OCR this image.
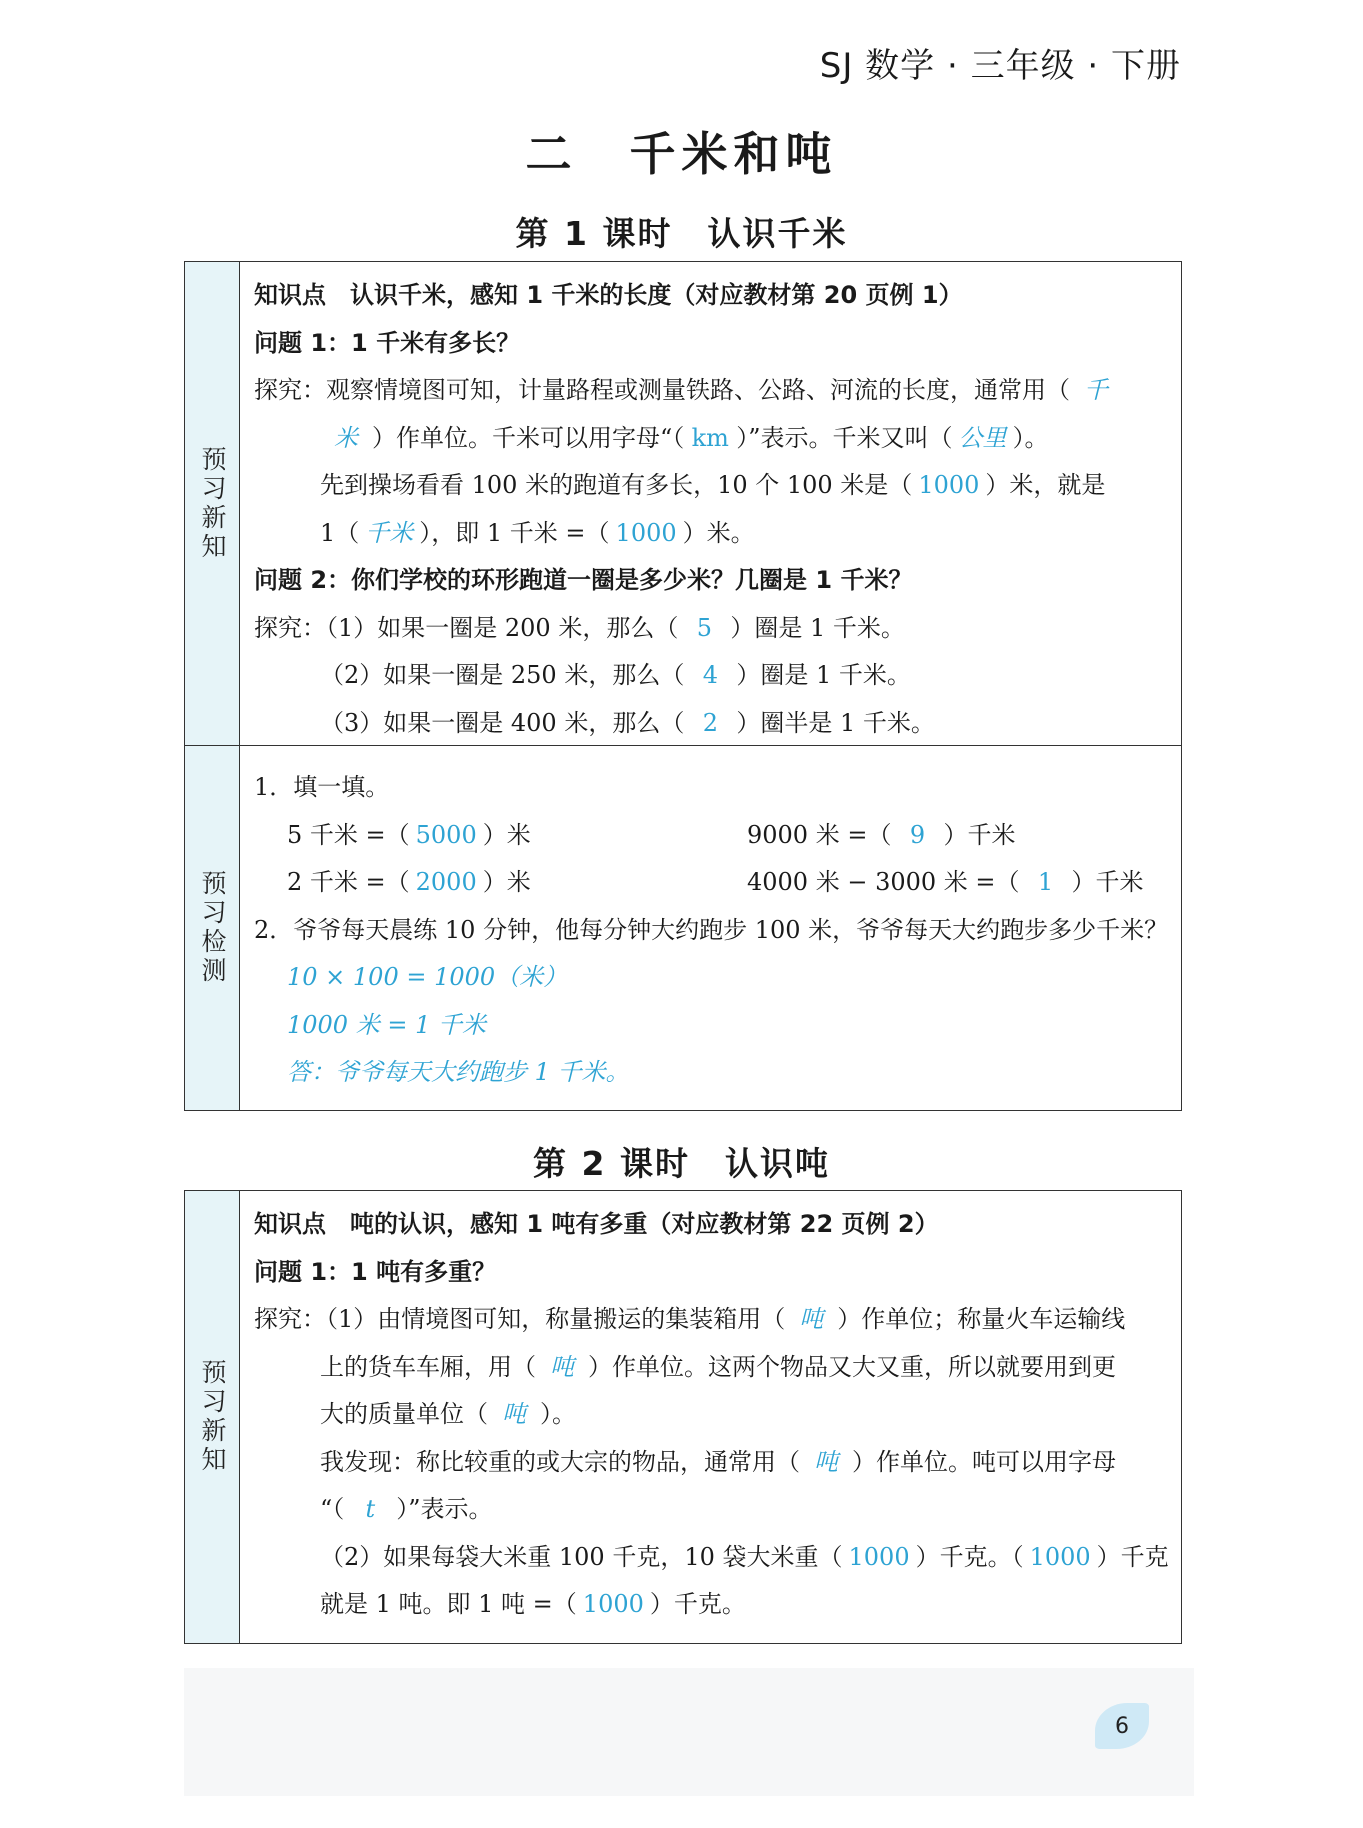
SJ 数学 · 三年级 · 下册
二　千米和吨
第 1 课时　认识千米
预习新知
知识点　认识千米，感知 1 千米的长度（对应教材第 20 页例 1）
问题 1：1 千米有多长？
探究：观察情境图可知，计量路程或测量铁路、公路、河流的长度，通常用（ 千
米 ）作单位。千米可以用字母“（ km ）”表示。千米又叫（ 公里 ）。
先到操场看看 100 米的跑道有多长，10 个 100 米是（ 1000 ）米，就是
1（ 千米 ），即 1 千米 =（ 1000 ）米。
问题 2：你们学校的环形跑道一圈是多少米？几圈是 1 千米？
探究：（1）如果一圈是 200 米，那么（ 5 ）圈是 1 千米。
（2）如果一圈是 250 米，那么（ 4 ）圈是 1 千米。
（3）如果一圈是 400 米，那么（ 2 ）圈半是 1 千米。
预习检测
1．填一填。
5 千米 =（ 5000 ）米	9000 米 =（ 9 ）千米
2 千米 =（ 2000 ）米	4000 米 − 3000 米 =（ 1 ）千米
2．爷爷每天晨练 10 分钟，他每分钟大约跑步 100 米，爷爷每天大约跑步多少千米？
10 × 100 = 1000（米）
1000 米 = 1 千米
答：爷爷每天大约跑步 1 千米。
第 2 课时　认识吨
预习新知
知识点　吨的认识，感知 1 吨有多重（对应教材第 22 页例 2）
问题 1：1 吨有多重？
探究：（1）由情境图可知，称量搬运的集装箱用（ 吨 ）作单位；称量火车运输线
上的货车车厢，用（ 吨 ）作单位。这两个物品又大又重，所以就要用到更
大的质量单位（ 吨 ）。
我发现：称比较重的或大宗的物品，通常用（ 吨 ）作单位。吨可以用字母
“（ t ）”表示。
（2）如果每袋大米重 100 千克，10 袋大米重（ 1000 ）千克。（ 1000 ）千克
就是 1 吨。即 1 吨 =（ 1000 ）千克。
6
